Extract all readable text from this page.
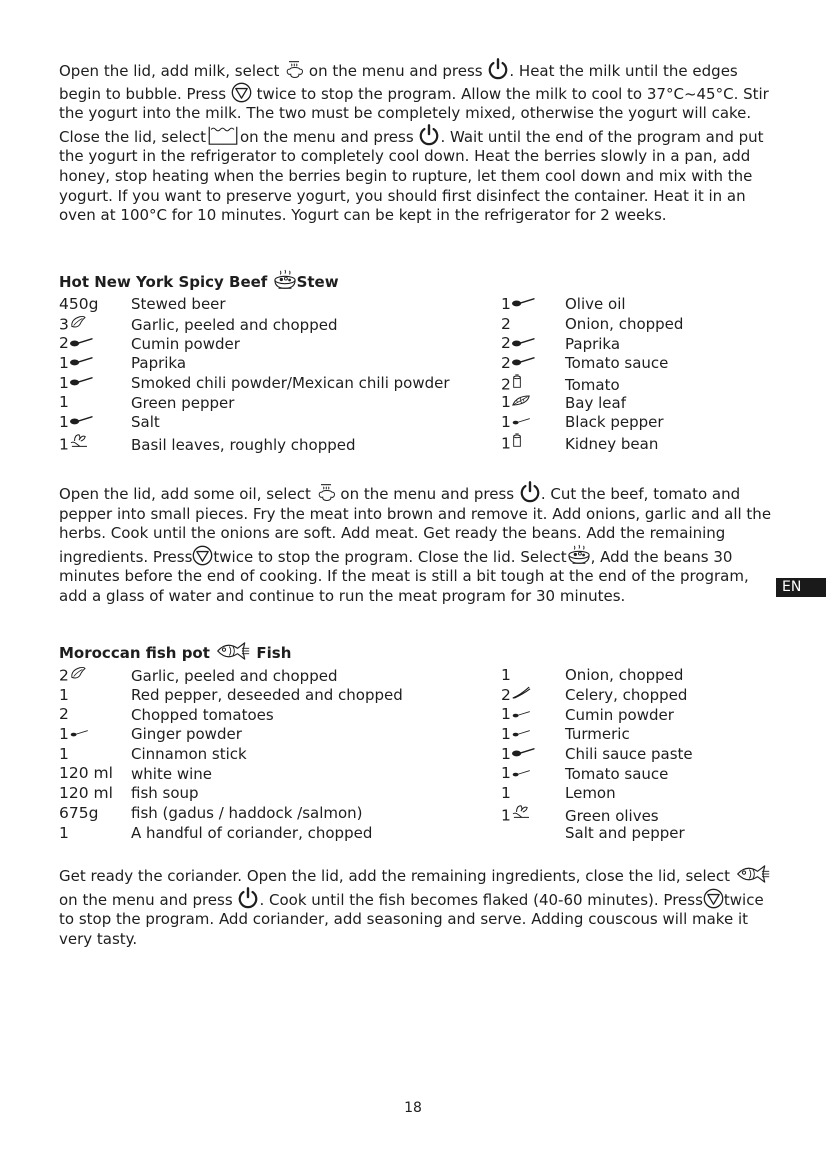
Open the lid, add milk, select on the menu and press . Heat the milk until the edges begin to bubble. Press twice to stop the program. Allow the milk to cool to 37°C~45°C. Stir the yogurt into the milk. The two must be completely mixed, otherwise the yogurt will cake. Close the lid, select on the menu and press . Wait until the end of the program and put the yogurt in the refrigerator to completely cool down. Heat the berries slowly in a pan, add honey, stop heating when the berries begin to rupture, let them cool down and mix with the yogurt. If you want to preserve yogurt, you should first disinfect the container. Heat it in an oven at 100°C for 10 minutes. Yogurt can be kept in the refrigerator for 2 weeks.

Hot New York Spicy Beef Stew
450g Stewed beer
3	Garlic, peeled and chopped
2	Cumin powder
1	Paprika
1	Smoked chili powder/Mexican chili powder
1	Green pepper
1	Salt
1	Basil leaves, roughly chopped
1	Olive oil
2	Onion, chopped
2	Paprika
2	Tomato sauce
2	Tomato
1	Bay leaf
1	Black pepper
1	Kidney bean

Open the lid, add some oil, select on the menu and press . Cut the beef, tomato and pepper into small pieces. Fry the meat into brown and remove it. Add onions, garlic and all the herbs. Cook until the onions are soft. Add meat. Get ready the beans. Add the remaining ingredients. Press twice to stop the program. Close the lid. Select , Add the beans 30 minutes before the end of cooking. If the meat is still a bit tough at the end of the program, add a glass of water and continue to run the meat program for 30 minutes.

Moroccan fish pot	Fish
2	Garlic, peeled and chopped
1	Red pepper, deseeded and chopped
2	Chopped tomatoes
1	Ginger powder
1	Cinnamon stick
120 ml white wine
120 ml fish soup
675g fish (gadus / haddock /salmon)
1	A handful of coriander, chopped
1	Onion, chopped
2	Celery, chopped
1	Cumin powder
1	Turmeric
1	Chili sauce paste
1	Tomato sauce
1	Lemon
1	Green olives
Salt and pepper

Get ready the coriander. Open the lid, add the remaining ingredients, close the lid, select on the menu and press . Cook until the fish becomes flaked (40-60 minutes). Press twice to stop the program. Add coriander, add seasoning and serve. Adding couscous will make it very tasty.

EN
18
